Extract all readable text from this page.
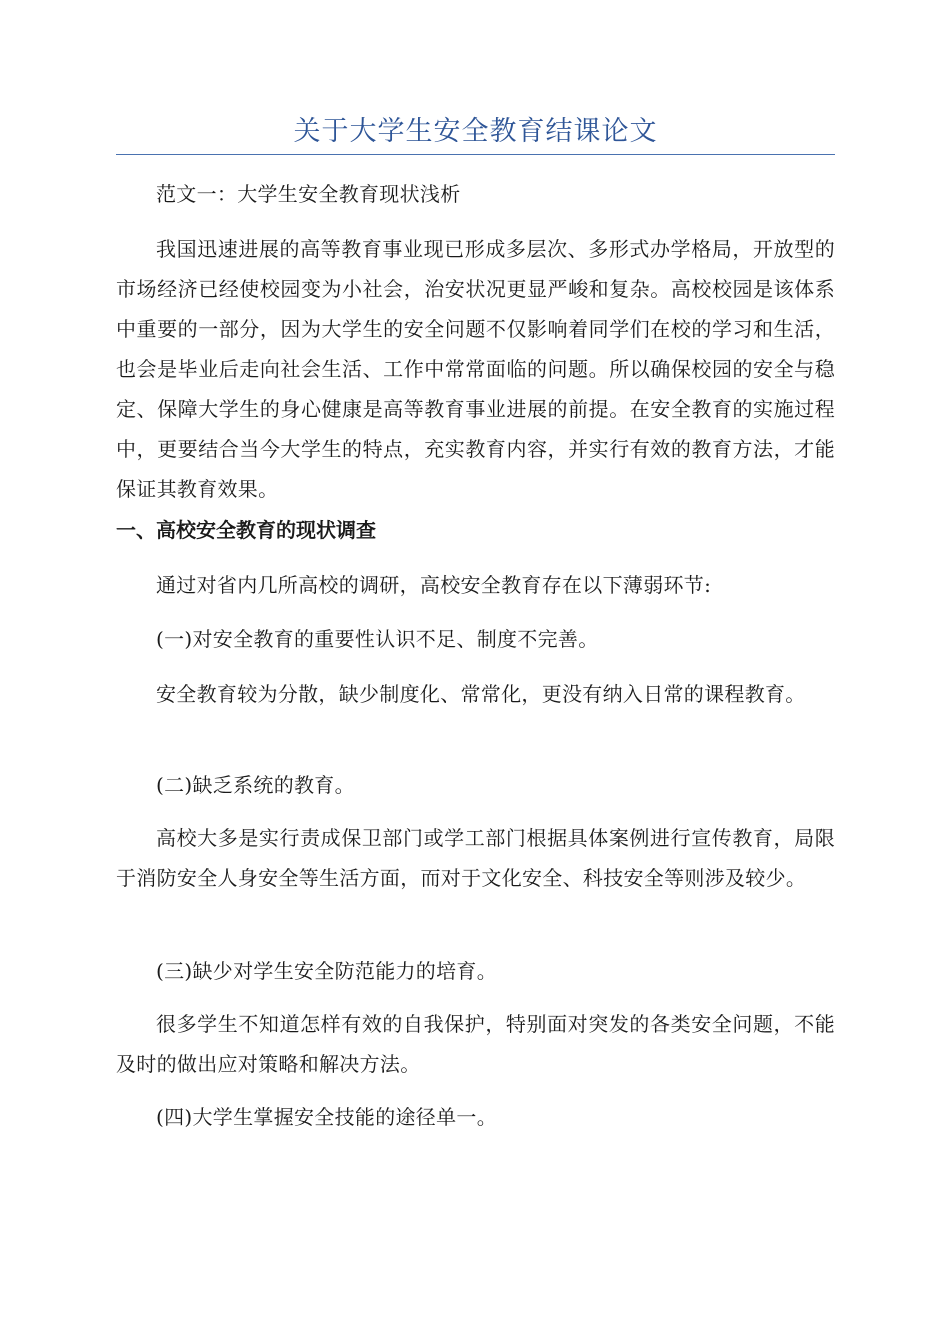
关于大学生安全教育结课论文

范文一：大学生安全教育现状浅析

我国迅速进展的高等教育事业现已形成多层次、多形式办学格局，开放型的市场经济已经使校园变为小社会，治安状况更显严峻和复杂。高校校园是该体系中重要的一部分，因为大学生的安全问题不仅影响着同学们在校的学习和生活，也会是毕业后走向社会生活、工作中常常面临的问题。所以确保校园的安全与稳定、保障大学生的身心健康是高等教育事业进展的前提。在安全教育的实施过程中，更要结合当今大学生的特点，充实教育内容，并实行有效的教育方法，才能保证其教育效果。

一、高校安全教育的现状调查

通过对省内几所高校的调研，高校安全教育存在以下薄弱环节:

(一)对安全教育的重要性认识不足、制度不完善。

安全教育较为分散，缺少制度化、常常化，更没有纳入日常的课程教育。

(二)缺乏系统的教育。

高校大多是实行责成保卫部门或学工部门根据具体案例进行宣传教育，局限于消防安全人身安全等生活方面，而对于文化安全、科技安全等则涉及较少。

(三)缺少对学生安全防范能力的培育。

很多学生不知道怎样有效的自我保护，特别面对突发的各类安全问题，不能及时的做出应对策略和解决方法。

(四)大学生掌握安全技能的途径单一。
